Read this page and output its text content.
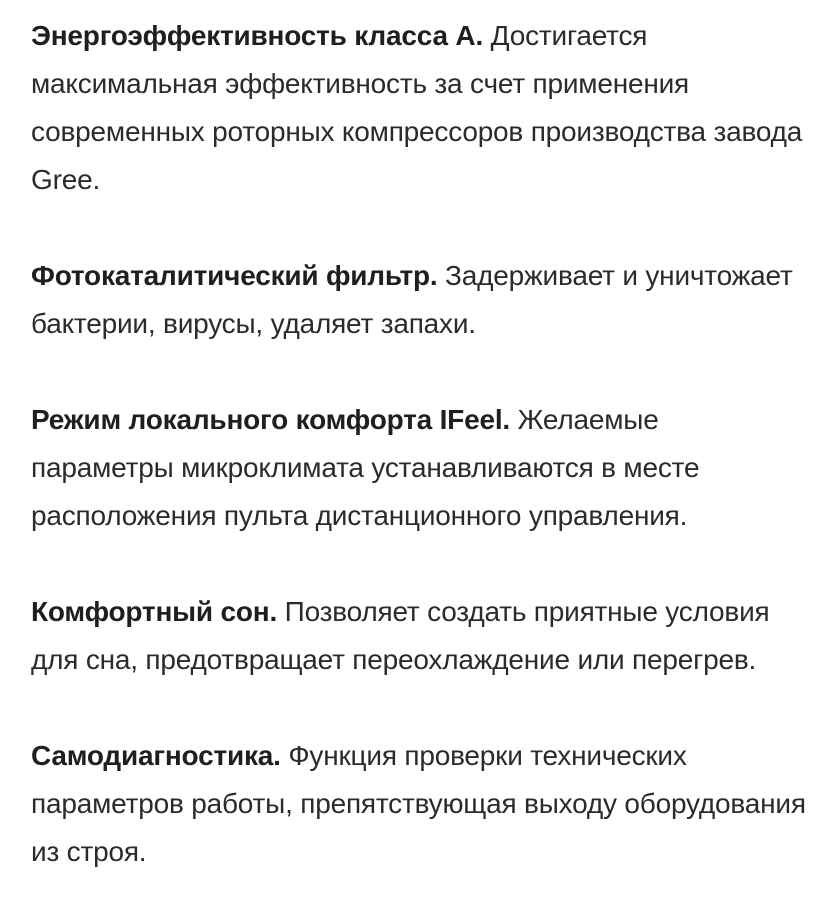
Энергоэффективность класса A. Достигается максимальная эффективность за счет применения современных роторных компрессоров производства завода Gree.

Фотокаталитический фильтр. Задерживает и уничтожает бактерии, вирусы, удаляет запахи.

Режим локального комфорта IFeel. Желаемые параметры микроклимата устанавливаются в месте расположения пульта дистанционного управления.

Комфортный сон. Позволяет создать приятные условия для сна, предотвращает переохлаждение или перегрев.

Самодиагностика. Функция проверки технических параметров работы, препятствующая выходу оборудования из строя.
